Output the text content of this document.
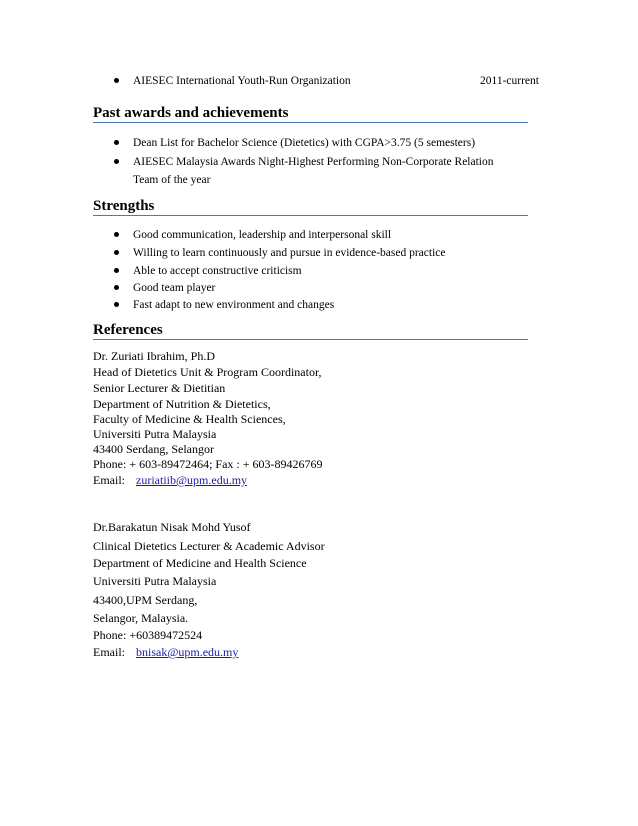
AIESEC International Youth-Run Organization	2011-current
Past awards and achievements
Dean List for Bachelor Science (Dietetics) with CGPA>3.75 (5 semesters)
AIESEC Malaysia Awards Night-Highest Performing Non-Corporate Relation
Team of the year
Strengths
Good communication, leadership and interpersonal skill
Willing to learn continuously and pursue in evidence-based practice
Able to accept constructive criticism
Good team player
Fast adapt to new environment and changes
References
Dr. Zuriati Ibrahim, Ph.D
Head of Dietetics Unit & Program Coordinator,
Senior Lecturer & Dietitian
Department of Nutrition & Dietetics,
Faculty of Medicine & Health Sciences,
Universiti Putra Malaysia
43400 Serdang, Selangor
Phone: + 603-89472464; Fax : + 603-89426769
Email: zuriatiib@upm.edu.my
Dr.Barakatun Nisak Mohd Yusof
Clinical Dietetics Lecturer & Academic Advisor
Department of Medicine and Health Science
Universiti Putra Malaysia
43400,UPM Serdang,
Selangor, Malaysia.
Phone: +60389472524
Email: bnisak@upm.edu.my
